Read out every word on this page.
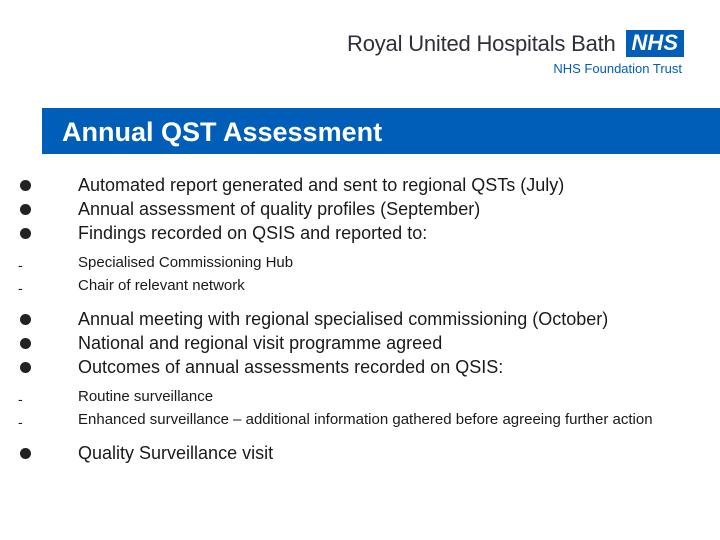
Royal United Hospitals Bath NHS
NHS Foundation Trust
Annual QST Assessment
Automated report generated and sent to regional QSTs (July)
Annual assessment of quality profiles (September)
Findings recorded on QSIS and reported to:
-	Specialised Commissioning Hub
-	Chair of relevant network
Annual meeting with regional specialised commissioning (October)
National and regional visit programme agreed
Outcomes of annual assessments recorded on QSIS:
-	Routine surveillance
-	Enhanced surveillance – additional information gathered before agreeing further action
Quality Surveillance visit
